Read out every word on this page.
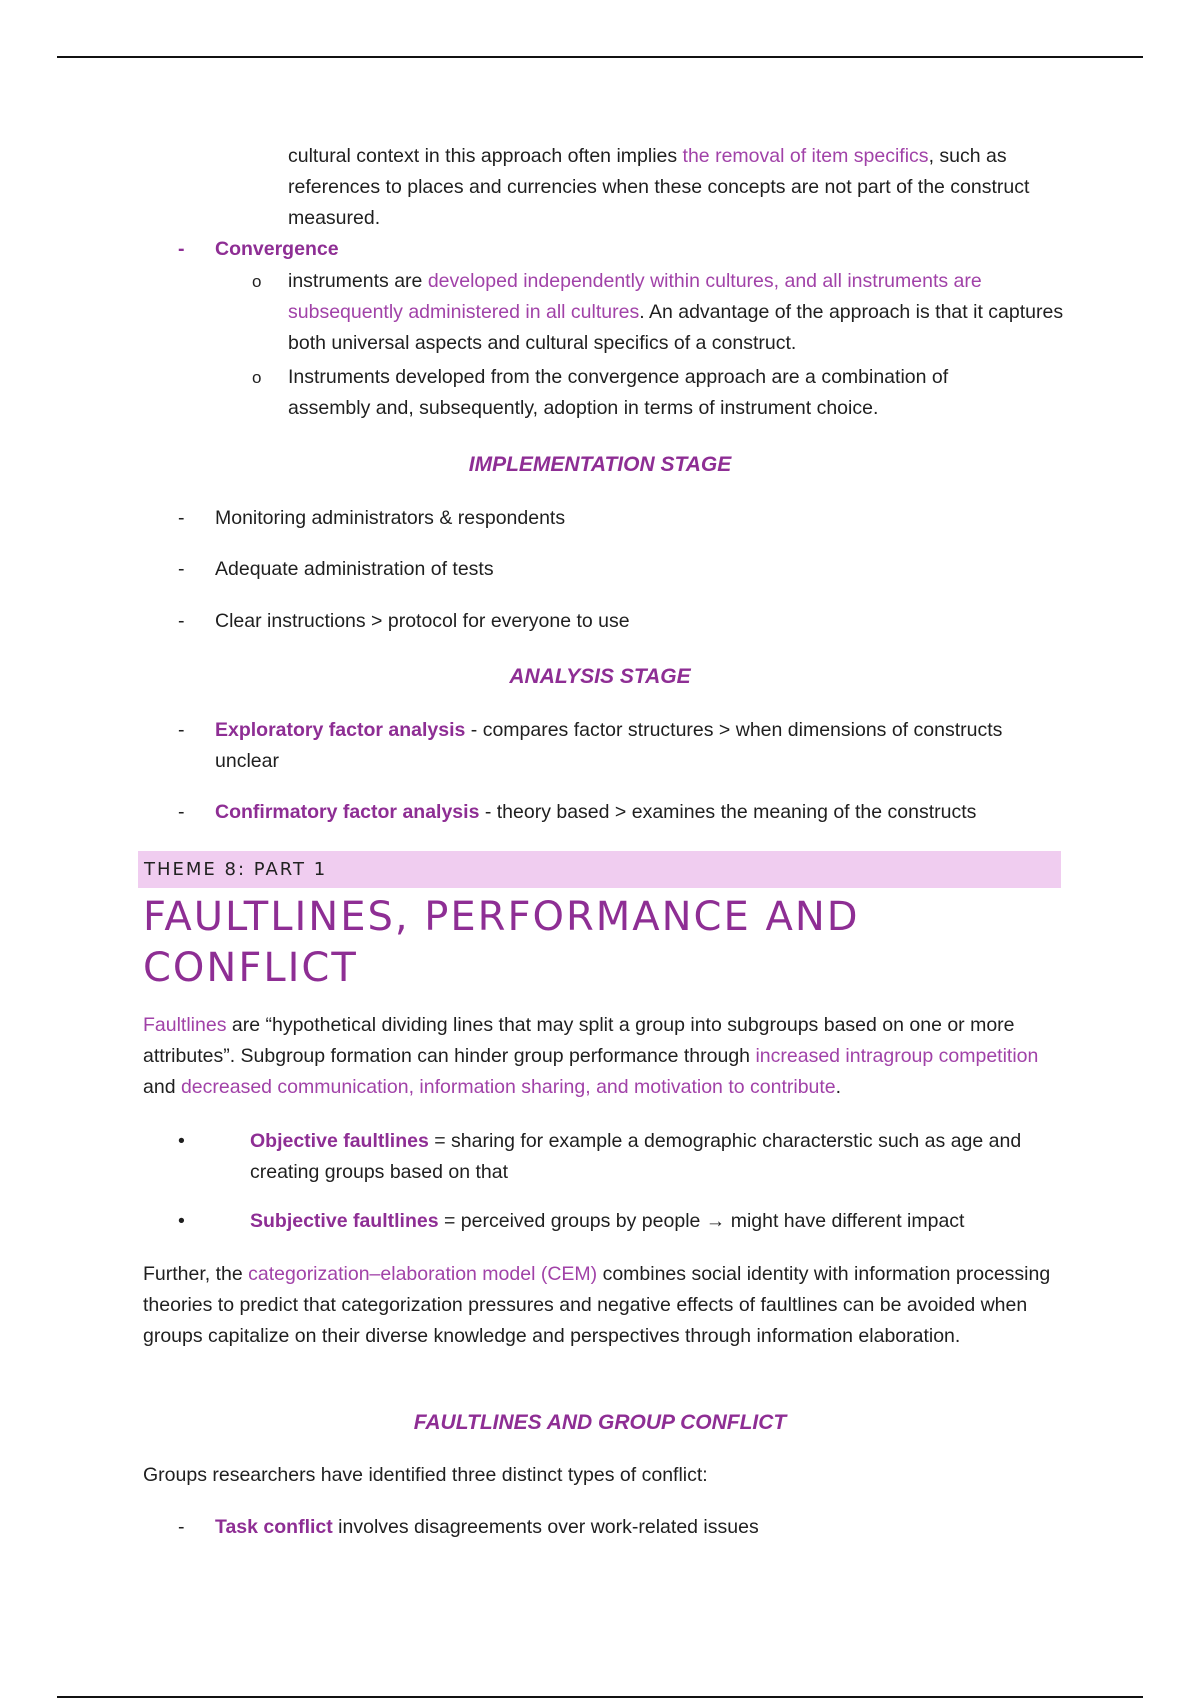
cultural context in this approach often implies the removal of item specifics, such as references to places and currencies when these concepts are not part of the construct measured.
-	Convergence
o	instruments are developed independently within cultures, and all instruments are subsequently administered in all cultures. An advantage of the approach is that it captures both universal aspects and cultural specifics of a construct.
o	Instruments developed from the convergence approach are a combination of assembly and, subsequently, adoption in terms of instrument choice.
IMPLEMENTATION STAGE
-	Monitoring administrators & respondents
-	Adequate administration of tests
-	Clear instructions > protocol for everyone to use
ANALYSIS STAGE
-	Exploratory factor analysis - compares factor structures > when dimensions of constructs unclear
-	Confirmatory factor analysis - theory based > examines the meaning of the constructs
THEME 8: PART 1
FAULTLINES, PERFORMANCE AND CONFLICT
Faultlines are “hypothetical dividing lines that may split a group into subgroups based on one or more attributes”. Subgroup formation can hinder group performance through increased intragroup competition and decreased communication, information sharing, and motivation to contribute.
•	Objective faultlines = sharing for example a demographic characterstic such as age and creating groups based on that
•	Subjective faultlines = perceived groups by people → might have different impact
Further, the categorization–elaboration model (CEM) combines social identity with information processing theories to predict that categorization pressures and negative effects of faultlines can be avoided when groups capitalize on their diverse knowledge and perspectives through information elaboration.
FAULTLINES AND GROUP CONFLICT
Groups researchers have identified three distinct types of conflict:
-	Task conflict involves disagreements over work-related issues
